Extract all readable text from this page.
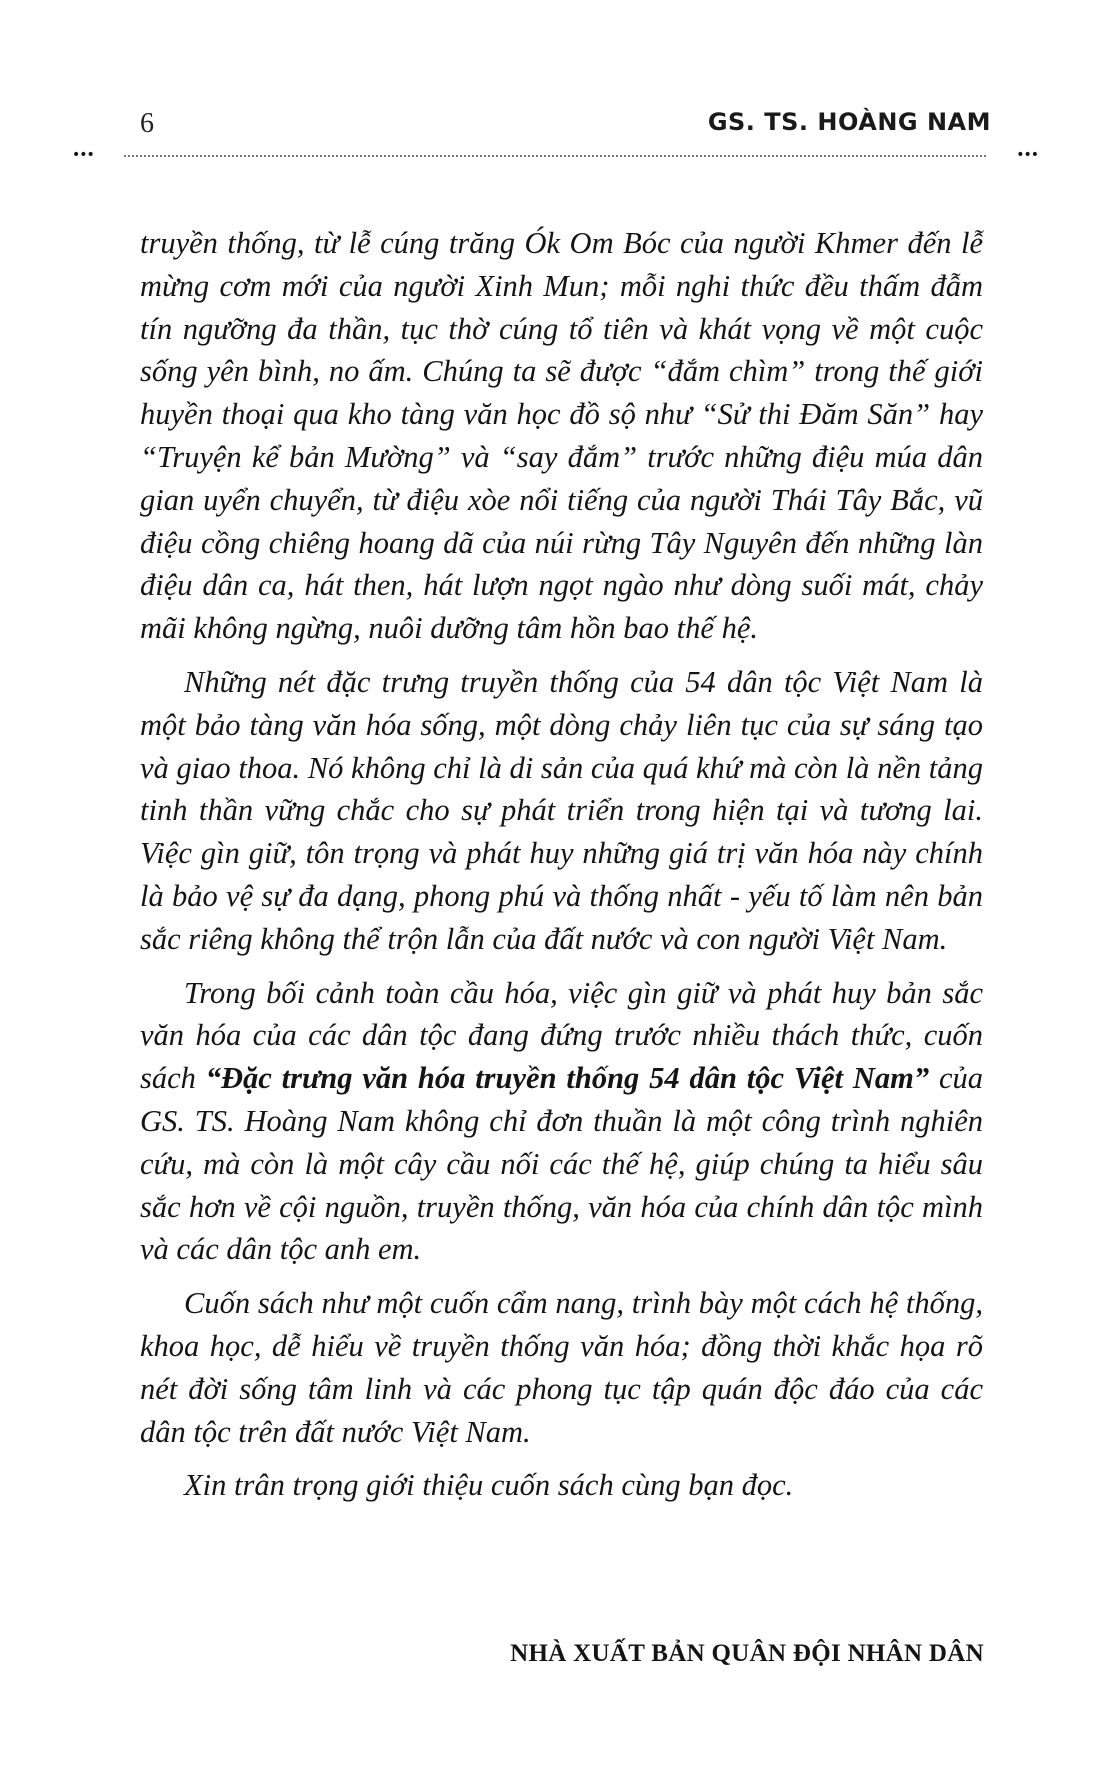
6	GS. TS. HOÀNG NAM
•••	•••

truyền thống, từ lễ cúng trăng Ók Om Bóc của người Khmer đến lễ mừng cơm mới của người Xinh Mun; mỗi nghi thức đều thấm đẫm tín ngưỡng đa thần, tục thờ cúng tổ tiên và khát vọng về một cuộc sống yên bình, no ấm. Chúng ta sẽ được “đắm chìm” trong thế giới huyền thoại qua kho tàng văn học đồ sộ như “Sử thi Đăm Săn” hay “Truyện kể bản Mường” và “say đắm” trước những điệu múa dân gian uyển chuyển, từ điệu xòe nổi tiếng của người Thái Tây Bắc, vũ điệu cồng chiêng hoang dã của núi rừng Tây Nguyên đến những làn điệu dân ca, hát then, hát lượn ngọt ngào như dòng suối mát, chảy mãi không ngừng, nuôi dưỡng tâm hồn bao thế hệ.

Những nét đặc trưng truyền thống của 54 dân tộc Việt Nam là một bảo tàng văn hóa sống, một dòng chảy liên tục của sự sáng tạo và giao thoa. Nó không chỉ là di sản của quá khứ mà còn là nền tảng tinh thần vững chắc cho sự phát triển trong hiện tại và tương lai. Việc gìn giữ, tôn trọng và phát huy những giá trị văn hóa này chính là bảo vệ sự đa dạng, phong phú và thống nhất - yếu tố làm nên bản sắc riêng không thể trộn lẫn của đất nước và con người Việt Nam.

Trong bối cảnh toàn cầu hóa, việc gìn giữ và phát huy bản sắc văn hóa của các dân tộc đang đứng trước nhiều thách thức, cuốn sách “Đặc trưng văn hóa truyền thống 54 dân tộc Việt Nam” của GS. TS. Hoàng Nam không chỉ đơn thuần là một công trình nghiên cứu, mà còn là một cây cầu nối các thế hệ, giúp chúng ta hiểu sâu sắc hơn về cội nguồn, truyền thống, văn hóa của chính dân tộc mình và các dân tộc anh em.

Cuốn sách như một cuốn cẩm nang, trình bày một cách hệ thống, khoa học, dễ hiểu về truyền thống văn hóa; đồng thời khắc họa rõ nét đời sống tâm linh và các phong tục tập quán độc đáo của các dân tộc trên đất nước Việt Nam.

Xin trân trọng giới thiệu cuốn sách cùng bạn đọc.

NHÀ XUẤT BẢN QUÂN ĐỘI NHÂN DÂN
